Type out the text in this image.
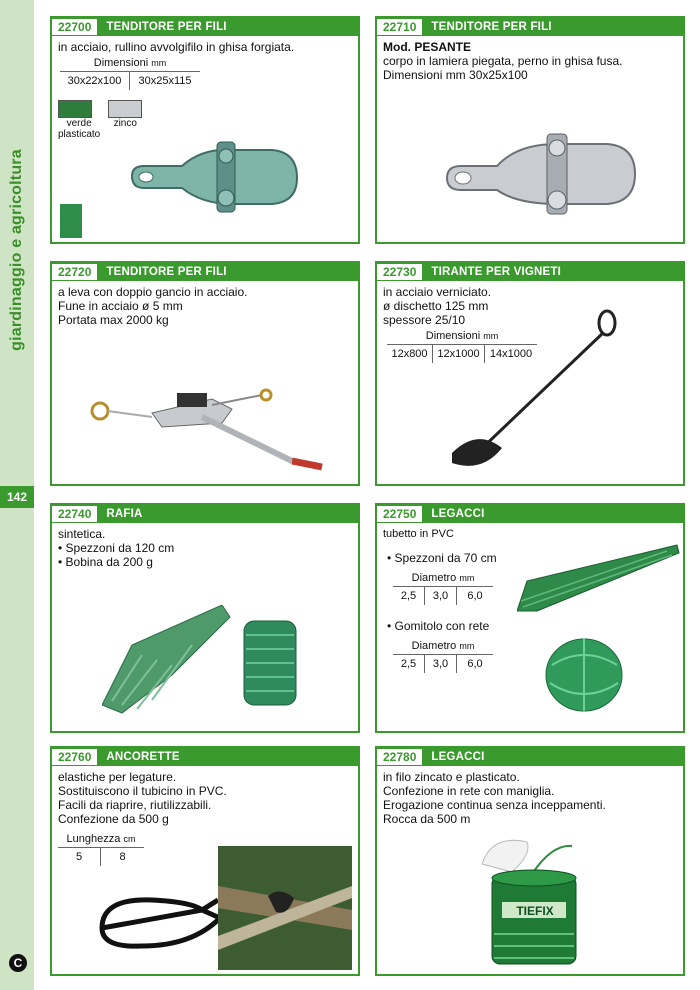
giardinaggio e agricoltura
142
C
22700	TENDITORE PER FILI

in acciaio, rullino avvolgifilo in ghisa forgiata.

Dimensioni mm
30x22x100	30x25x115
verde
plasticato
zinco
22710	TENDITORE PER FILI

Mod. PESANTE

corpo in lamiera piegata, perno in ghisa fusa.

Dimensioni mm 30x25x100

22720	TENDITORE PER FILI

a leva con doppio gancio in acciaio.

Fune in acciaio ø 5 mm

Portata max 2000 kg

22730	TIRANTE PER VIGNETI

in acciaio verniciato.

ø dischetto 125 mm

spessore 25/10

Dimensioni mm
12x800 12x1000 14x1000
22740	RAFIA

sintetica.

• Spezzoni da 120 cm

• Bobina da 200 g

22750	LEGACCI

tubetto in PVC

• Spezzoni da 70 cm

Diametro mm
2,5	3,0	6,0

• Gomitolo con rete

Diametro mm
2,5	3,0	6,0
22760	ANCORETTE

elastiche per legature.

Sostituiscono il tubicino in PVC.

Facili da riaprire, riutilizzabili.

Confezione da 500 g

Lunghezza cm
5	8
22780	LEGACCI

in filo zincato e plasticato.

Confezione in rete con maniglia.

Erogazione continua senza inceppamenti.

Rocca da 500 m

TIEFIX
